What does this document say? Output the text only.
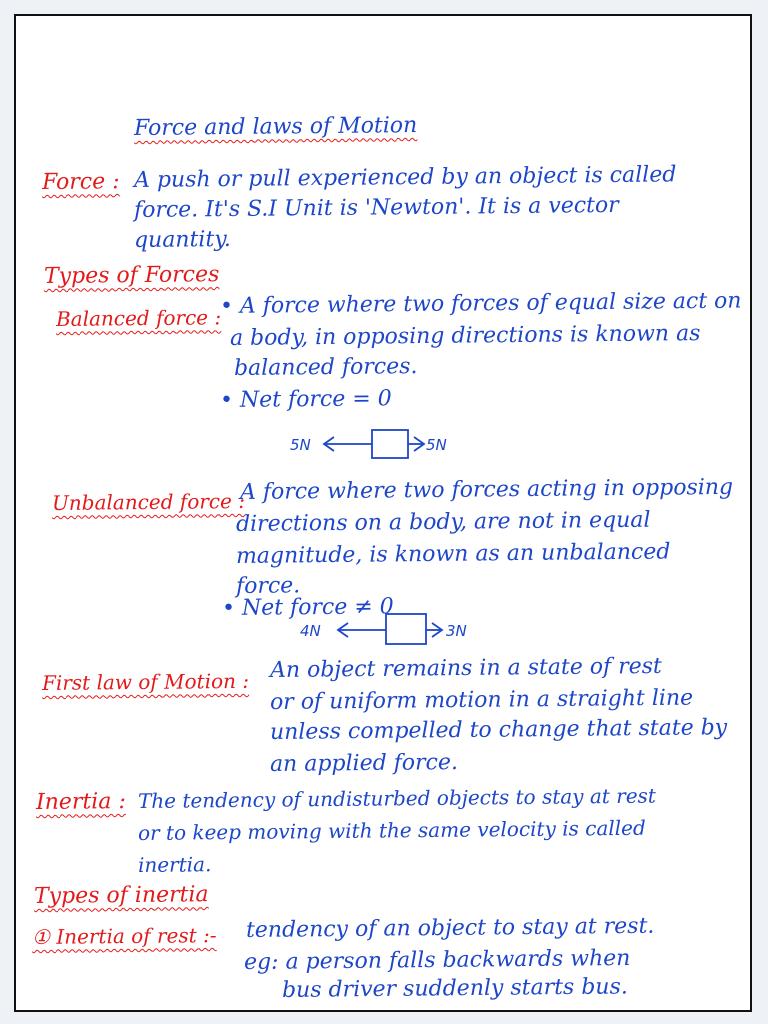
Force and laws of Motion
Force : A push or pull experienced by an object is called
force. It's S.I Unit is 'Newton'. It is a vector
quantity.
Types of Forces
Balanced force :
• A force where two forces of equal size act on
a body, in opposing directions is known as
balanced forces.
• Net force = 0
5N	5N
Unbalanced force :
A force where two forces acting in opposing
directions on a body, are not in equal
magnitude, is known as an unbalanced
force.
• Net force ≠ 0
4N	3N
First law of Motion : An object remains in a state of rest
or of uniform motion in a straight line
unless compelled to change that state by
an applied force.
Inertia : The tendency of undisturbed objects to stay at rest
or to keep moving with the same velocity is called
inertia.
Types of inertia
① Inertia of rest :- tendency of an object to stay at rest.
eg: a person falls backwards when
bus driver suddenly starts bus.
